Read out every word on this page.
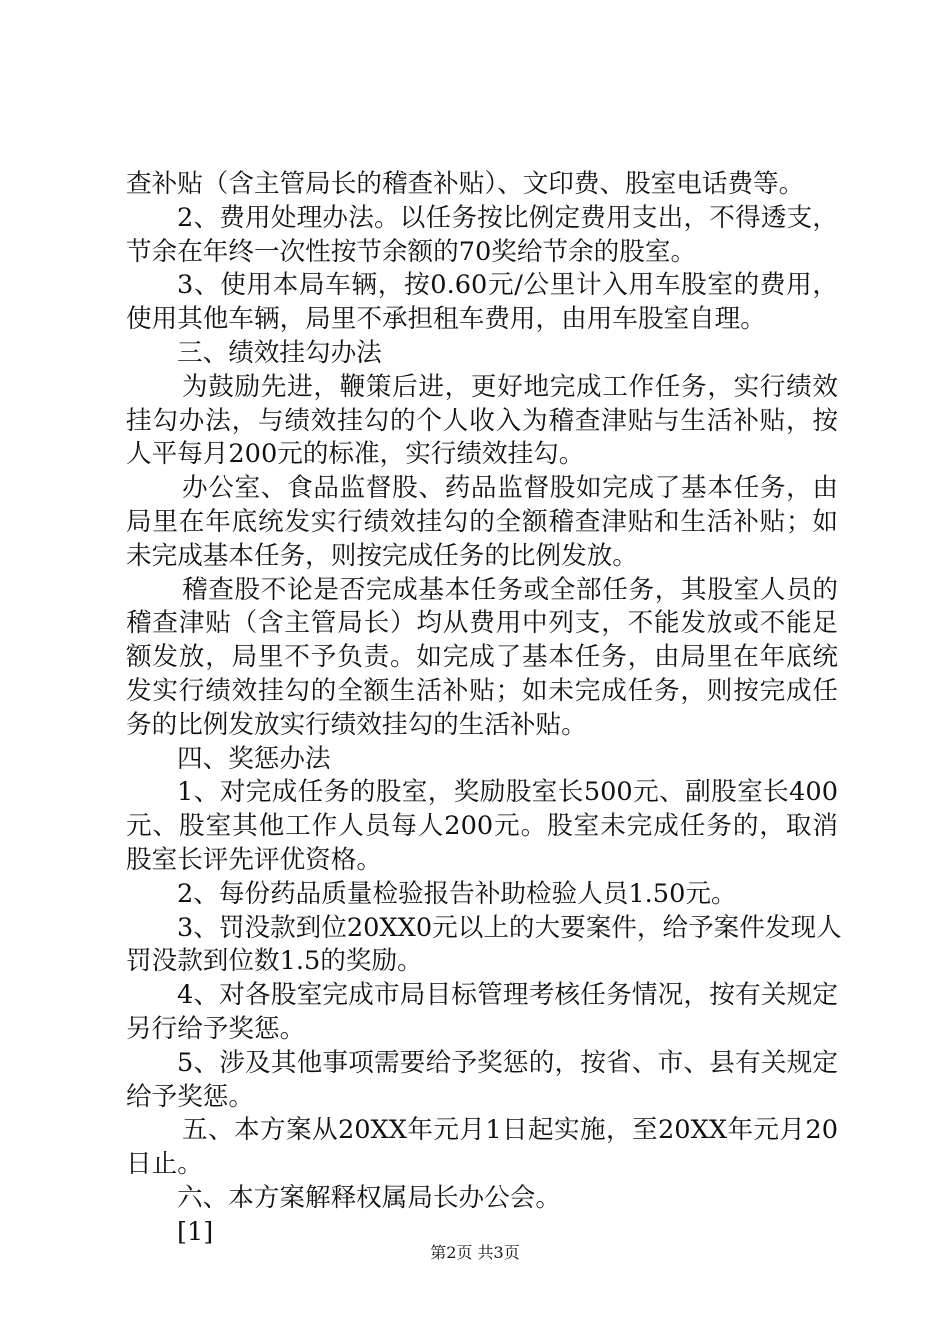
查补贴（含主管局长的稽查补贴）、文印费、股室电话费等。
2、费用处理办法。以任务按比例定费用支出，不得透支，
节余在年终一次性按节余额的70奖给节余的股室。
3、使用本局车辆，按0.60元/公里计入用车股室的费用，
使用其他车辆，局里不承担租车费用，由用车股室自理。
三、绩效挂勾办法
为鼓励先进，鞭策后进，更好地完成工作任务，实行绩效
挂勾办法，与绩效挂勾的个人收入为稽查津贴与生活补贴，按
人平每月200元的标准，实行绩效挂勾。
办公室、食品监督股、药品监督股如完成了基本任务，由
局里在年底统发实行绩效挂勾的全额稽查津贴和生活补贴；如
未完成基本任务，则按完成任务的比例发放。
稽查股不论是否完成基本任务或全部任务，其股室人员的
稽查津贴（含主管局长）均从费用中列支，不能发放或不能足
额发放，局里不予负责。如完成了基本任务，由局里在年底统
发实行绩效挂勾的全额生活补贴；如未完成任务，则按完成任
务的比例发放实行绩效挂勾的生活补贴。
四、奖惩办法
1、对完成任务的股室，奖励股室长500元、副股室长400
元、股室其他工作人员每人200元。股室未完成任务的，取消
股室长评先评优资格。
2、每份药品质量检验报告补助检验人员1.50元。
3、罚没款到位20XX0元以上的大要案件，给予案件发现人
罚没款到位数1.5的奖励。
4、对各股室完成市局目标管理考核任务情况，按有关规定
另行给予奖惩。
5、涉及其他事项需要给予奖惩的，按省、市、县有关规定
给予奖惩。
五、本方案从20XX年元月1日起实施，至20XX年元月20
日止。
六、本方案解释权属局长办公会。
[1]
第2页 共3页
